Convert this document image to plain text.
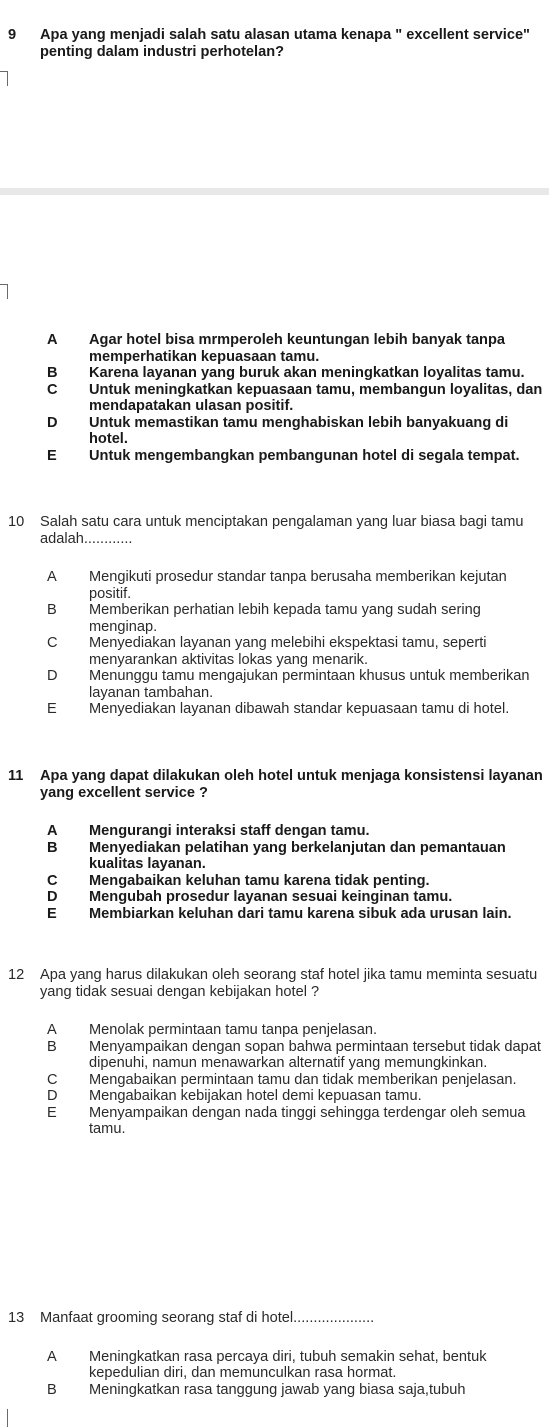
9 Apa yang menjadi salah satu alasan utama kenapa " excellent service" penting dalam industri perhotelan?
A Agar hotel bisa mrmperoleh keuntungan lebih banyak tanpa memperhatikan kepuasaan tamu.
B Karena layanan yang buruk akan meningkatkan loyalitas tamu.
C Untuk meningkatkan kepuasaan tamu, membangun loyalitas, dan mendapatakan ulasan positif.
D Untuk memastikan tamu menghabiskan lebih banyakuang di hotel.
E Untuk mengembangkan pembangunan hotel di segala tempat.
10 Salah satu cara untuk menciptakan pengalaman yang luar biasa bagi tamu adalah............
A Mengikuti prosedur standar tanpa berusaha memberikan kejutan positif.
B Memberikan perhatian lebih kepada tamu yang sudah sering menginap.
C Menyediakan layanan yang melebihi ekspektasi tamu, seperti menyarankan aktivitas lokas yang menarik.
D Menunggu tamu mengajukan permintaan khusus untuk memberikan layanan tambahan.
E Menyediakan layanan dibawah standar kepuasaan tamu di hotel.
11 Apa yang dapat dilakukan oleh hotel untuk menjaga konsistensi layanan yang excellent service ?
A Mengurangi interaksi staff dengan tamu.
B Menyediakan pelatihan yang berkelanjutan dan pemantauan kualitas layanan.
C Mengabaikan keluhan tamu karena tidak penting.
D Mengubah prosedur layanan sesuai keinginan tamu.
E Membiarkan keluhan dari tamu karena sibuk ada urusan lain.
12 Apa yang harus dilakukan oleh seorang staf hotel jika tamu meminta sesuatu yang tidak sesuai dengan kebijakan hotel ?
A Menolak permintaan tamu tanpa penjelasan.
B Menyampaikan dengan sopan bahwa permintaan tersebut tidak dapat dipenuhi, namun menawarkan alternatif yang memungkinkan.
C Mengabaikan permintaan tamu dan tidak memberikan penjelasan.
D Mengabaikan kebijakan hotel demi kepuasan tamu.
E Menyampaikan dengan nada tinggi sehingga terdengar oleh semua tamu.
13 Manfaat grooming seorang staf di hotel....................
A Meningkatkan rasa percaya diri, tubuh semakin sehat, bentuk kepedulian diri, dan memunculkan rasa hormat.
B Meningkatkan rasa tanggung jawab yang biasa saja,tubuh
